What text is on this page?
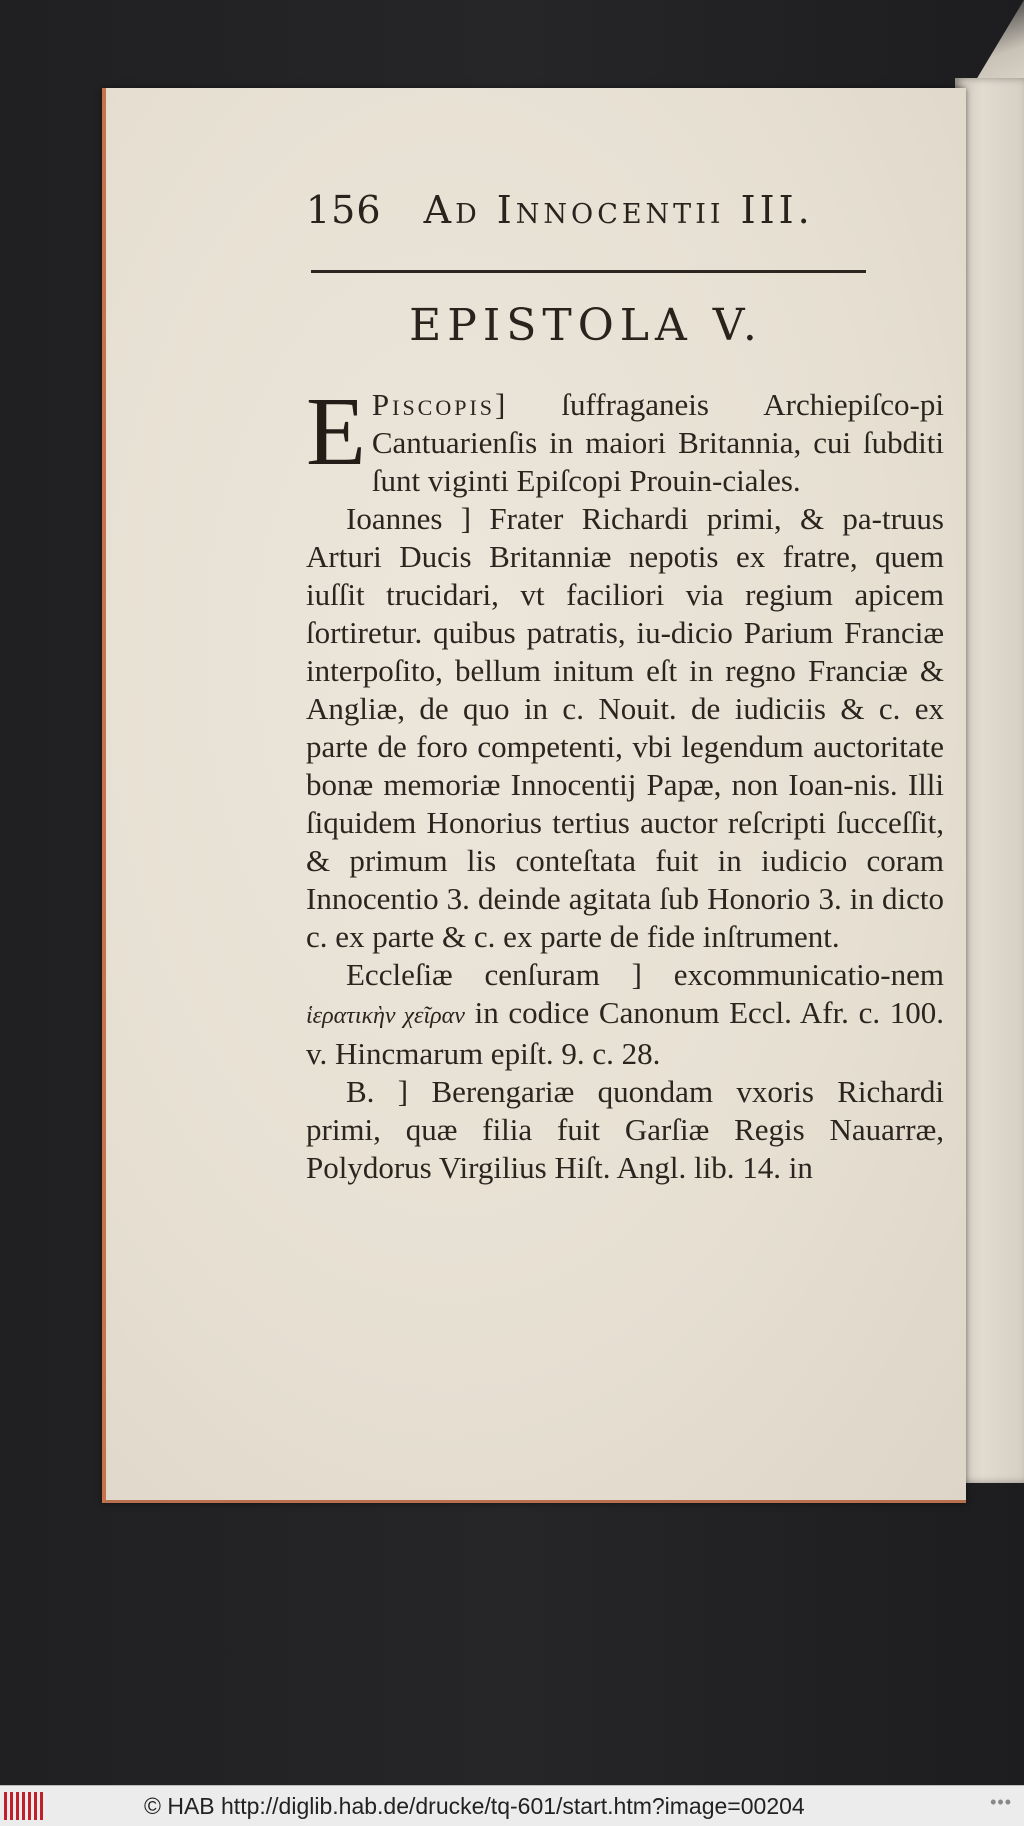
156 Ad Innocentii III.
EPISTOLA V.

E Piscopis] ſuffraganeis Archiepiſco-pi Cantuarienſis in maiori Britannia, cui ſubditi ſunt viginti Epiſcopi Prouin-ciales.

Ioannes ] Frater Richardi primi, & pa-truus Arturi Ducis Britanniæ nepotis ex fratre, quem iuſſit trucidari, vt faciliori via regium apicem ſortiretur. quibus patratis, iu-dicio Parium Franciæ interpoſito, bellum initum eſt in regno Franciæ & Angliæ, de quo in c. Nouit. de iudiciis & c. ex parte de foro competenti, vbi legendum auctoritate bonæ memoriæ Innocentij Papæ, non Ioan-nis. Illi ſiquidem Honorius tertius auctor reſcripti ſucceſſit, & primum lis conteſtata fuit in iudicio coram Innocentio 3. deinde agitata ſub Honorio 3. in dicto c. ex parte & c. ex parte de fide inſtrument.

Eccleſiæ cenſuram ] excommunicatio-nem ἱερατικὴν χεῖραν in codice Canonum Eccl. Afr. c. 100. v. Hincmarum epiſt. 9. c. 28.

B. ] Berengariæ quondam vxoris Richardi primi, quæ filia fuit Garſiæ Regis Nauarræ, Polydorus Virgilius Hiſt. Angl. lib. 14. in

© HAB http://diglib.hab.de/drucke/tq-601/start.htm?image=00204	•••
